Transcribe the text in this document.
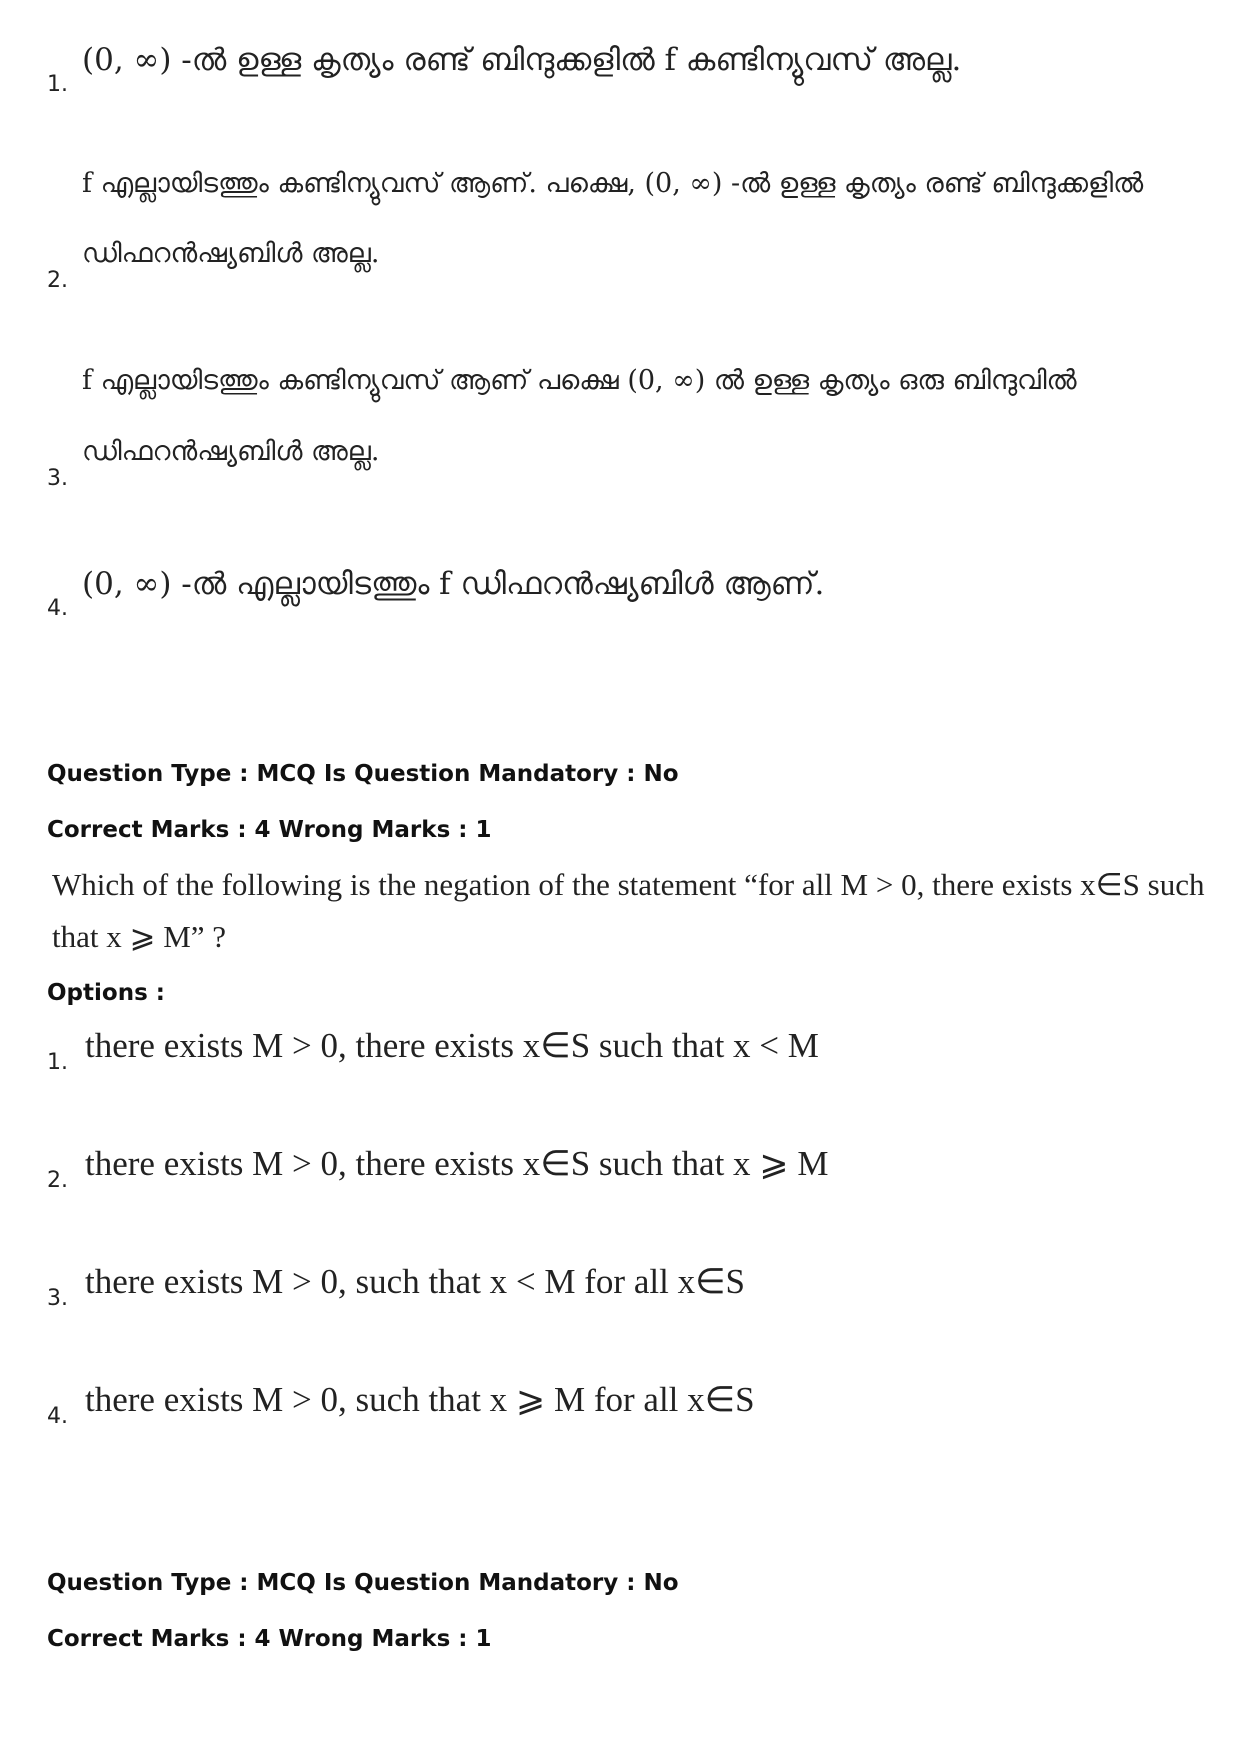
(0, ∞) -ൽ ഉള്ള കൃത്യം രണ്ട് ബിന്ദുക്കളിൽ f കണ്ടിന്യുവസ് അല്ല.
1.
f എല്ലായിടത്തും കണ്ടിന്യുവസ് ആണ്. പക്ഷെ, (0, ∞) -ൽ ഉള്ള കൃത്യം രണ്ട് ബിന്ദുക്കളിൽ
ഡിഫറൻഷ്യബിൾ അല്ല.
2.
f എല്ലായിടത്തും കണ്ടിന്യുവസ് ആണ് പക്ഷെ (0, ∞) ൽ ഉള്ള കൃത്യം ഒരു ബിന്ദുവിൽ
ഡിഫറൻഷ്യബിൾ അല്ല.
3.
(0, ∞) -ൽ എല്ലായിടത്തും f ഡിഫറൻഷ്യബിൾ ആണ്.
4.
Question Type : MCQ Is Question Mandatory : No
Correct Marks : 4 Wrong Marks : 1
Which of the following is the negation of the statement “for all M > 0, there exists x∈S such
that x ⩾ M” ?
Options :
there exists M > 0, there exists x∈S such that x < M
1.
there exists M > 0, there exists x∈S such that x ⩾ M
2.
there exists M > 0, such that x < M for all x∈S
3.
there exists M > 0, such that x ⩾ M for all x∈S
4.
Question Type : MCQ Is Question Mandatory : No
Correct Marks : 4 Wrong Marks : 1
